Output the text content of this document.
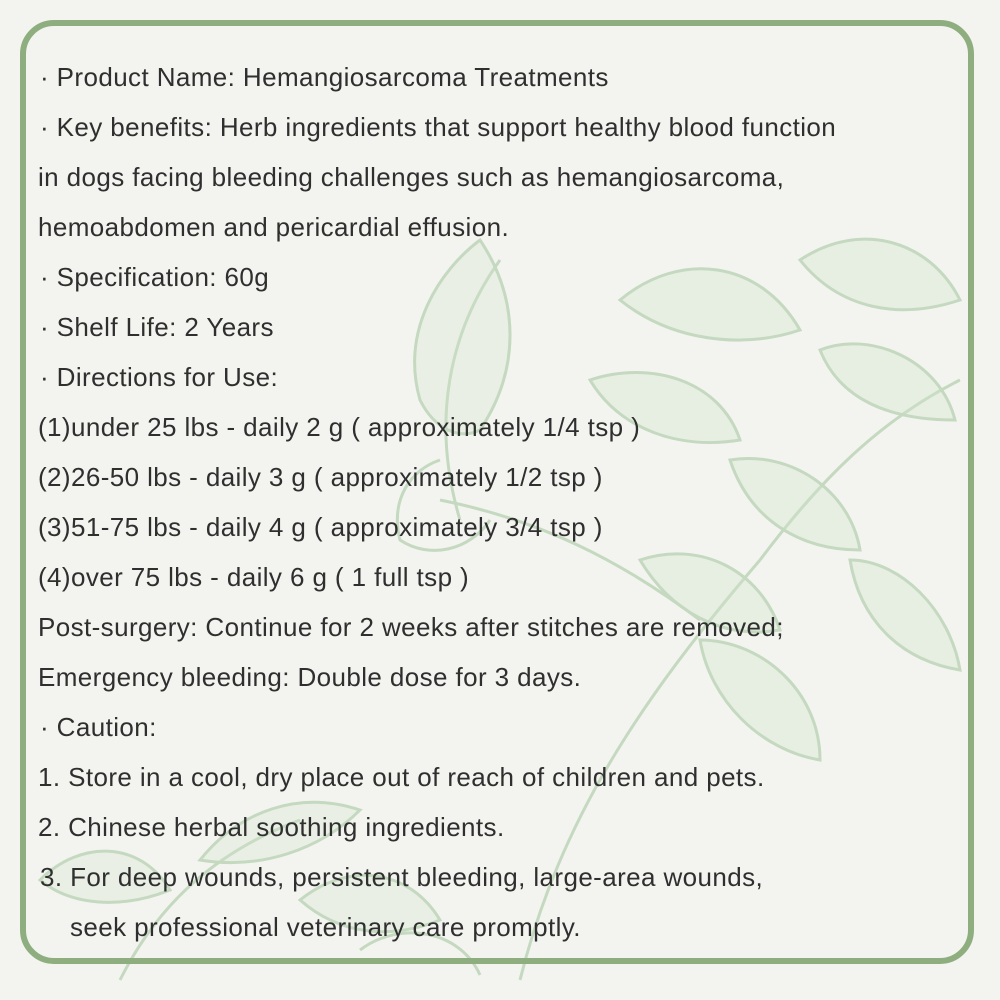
· Product Name: Hemangiosarcoma Treatments
· Key benefits: Herb ingredients that support healthy blood function
in dogs facing bleeding challenges such as hemangiosarcoma,
hemoabdomen and pericardial effusion.
· Specification: 60g
· Shelf Life: 2 Years
· Directions for Use:
(1)under 25 lbs - daily 2 g ( approximately 1/4 tsp )
(2)26-50 lbs - daily 3 g ( approximately 1/2 tsp )
(3)51-75 lbs - daily 4 g ( approximately 3/4 tsp )
(4)over 75 lbs - daily 6 g ( 1 full tsp )
Post-surgery: Continue for 2 weeks after stitches are removed;
Emergency bleeding: Double dose for 3 days.
· Caution:
1. Store in a cool, dry place out of reach of children and pets.
2. Chinese herbal soothing ingredients.
3. For deep wounds, persistent bleeding, large-area wounds,
seek professional veterinary care promptly.
